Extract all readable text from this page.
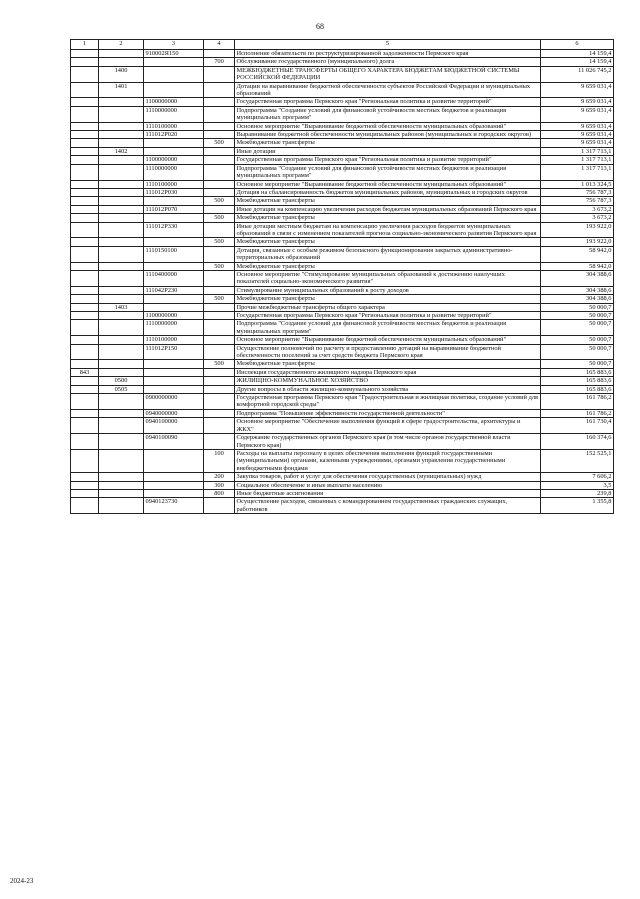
68
1	2	3	4	5	6
		910002Я150		Исполнение обязательств по реструктуризированной задолженности Пермского края	14 159,4
			700	Обслуживание государственного (муниципального) долга	14 159,4
	1400			МЕЖБЮДЖЕТНЫЕ ТРАНСФЕРТЫ ОБЩЕГО ХАРАКТЕРА БЮДЖЕТАМ БЮДЖЕТНОЙ СИСТЕМЫ РОССИЙСКОЙ ФЕДЕРАЦИИ	11 026 745,2
	1401			Дотации на выравнивание бюджетной обеспеченности субъектов Российской Федерации и муниципальных образований	9 659 031,4
		1100000000		Государственная программа Пермского края "Региональная политика и развитие территорий"	9 659 031,4
		1110000000		Подпрограмма "Создание условий для финансовой устойчивости местных бюджетов и реализация муниципальных программ"	9 659 031,4
		1110100000		Основное мероприятие "Выравнивание бюджетной обеспеченности муниципальных образований"	9 659 031,4
		111012Р020		Выравнивание бюджетной обеспеченности муниципальных районов (муниципальных и городских округов)	9 659 031,4
			500	Межбюджетные трансферты	9 659 031,4
	1402			Иные дотации	1 317 713,1
		1100000000		Государственная программа Пермского края "Региональная политика и развитие территорий"	1 317 713,1
		1110000000		Подпрограмма "Создание условий для финансовой устойчивости местных бюджетов и реализация муниципальных программ"	1 317 713,1
		1110100000		Основное мероприятие "Выравнивание бюджетной обеспеченности муниципальных образований"	1 013 324,5
		111012Р030		Дотация на сбалансированность бюджетов муниципальных районов, муниципальных и городских округов	756 787,3
			500	Межбюджетные трансферты	756 787,3
		111012Р070		Иные дотации на компенсацию увеличения расходов бюджетам муниципальных образований Пермского края	3 673,2
			500	Межбюджетные трансферты	3 673,2
		111012Р330		Иные дотации местным бюджетам на компенсацию увеличения расходов бюджетов муниципальных образований в связи с изменением показателей прогноза социально-экономического развития Пермского края	193 922,0
			500	Межбюджетные трансферты	193 922,0
		1110150100		Дотация, связанные с особым режимом безопасного функционирования закрытых административно-территориальных образований	58 942,0
			500	Межбюджетные трансферты	58 942,0
		1110400000		Основное мероприятие "Стимулирование муниципальных образований к достижению наилучших показателей социально-экономического развития"	304 388,6
		111042Р230		Стимулирование муниципальных образований к росту доходов	304 388,6
			500	Межбюджетные трансферты	304 388,6
	1403			Прочие межбюджетные трансферты общего характера	50 000,7
		1100000000		Государственная программа Пермского края "Региональная политика и развитие территорий"	50 000,7
		1110000000		Подпрограмма "Создание условий для финансовой устойчивости местных бюджетов и реализация муниципальных программ"	50 000,7
		1110100000		Основное мероприятие "Выравнивание бюджетной обеспеченности муниципальных образований"	50 000,7
		111012Р150		Осуществление полномочий по расчету и предоставлению дотаций на выравнивание бюджетной обеспеченности поселений за счет средств бюджета Пермского края	50 000,7
			500	Межбюджетные трансферты	50 000,7
843				Инспекция государственного жилищного надзора Пермского края	165 883,6
	0500			ЖИЛИЩНО-КОММУНАЛЬНОЕ ХОЗЯЙСТВО	165 883,6
	0505			Другие вопросы в области жилищно-коммунального хозяйства	165 883,6
		0900000000		Государственная программа Пермского края "Градостроительная и жилищная политика, создание условий для комфортной городской среды"	161 786,2
		0940000000		Подпрограмма "Повышение эффективности государственной деятельности"	161 786,2
		0940100000		Основное мероприятие "Обеспечение выполнения функций в сфере градостроительства, архитектуры и ЖКХ"	161 730,4
		0940100090		Содержание государственных органов Пермского края (в том числе органов государственной власти Пермского края)	160 374,6
			100	Расходы на выплаты персоналу в целях обеспечения выполнения функций государственными (муниципальными) органами, казенными учреждениями, органами управления государственными внебюджетными фондами	152 525,1
			200	Закупка товаров, работ и услуг для обеспечения государственных (муниципальных) нужд	7 606,2
			300	Социальное обеспечение и иные выплаты населению	3,5
			800	Иные бюджетные ассигнования	239,8
		0940123730		Осуществление расходов, связанных с командированием государственных гражданских служащих, работников	1 355,8
2024-23
